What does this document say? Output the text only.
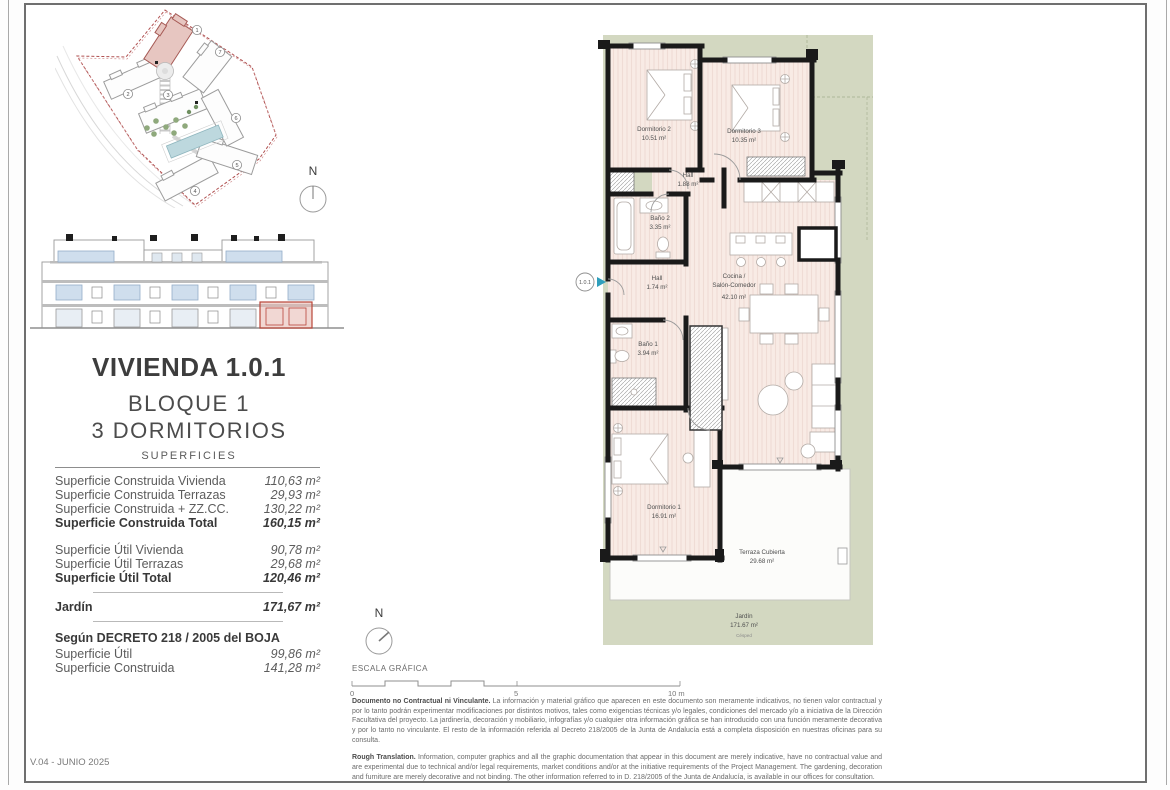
1
2	3
4
5
6
7
N
VIVIENDA 1.0.1
BLOQUE 1
3 DORMITORIOS
SUPERFICIES
Superficie Construida Vivienda	110,63 m²
Superficie Construida Terrazas	29,93 m²
Superficie Construida + ZZ.CC.	130,22 m²
Superficie Construida Total	160,15 m²
Superficie Útil Vivienda	90,78 m²
Superficie Útil Terrazas	29,68 m²
Superficie Útil Total	120,46 m²
Jardín	171,67 m²
Según DECRETO 218 / 2005 del BOJA
Superficie Útil	99,86 m²
Superficie Construida	141,28 m²
Dormitorio 2
10.51 m²
Dormitorio 3
10.35 m²
Hall
1.88 m²
Baño 2
3.35 m²
Hall
1.74 m²
Cocina /
Salón-Comedor
42.10 m²
Baño 1
3.94 m²
Dormitorio 1
16.91 m²
Terraza Cubierta
29.68 m²
Jardín
171.67 m²
Césped
1.0.1
N
ESCALA GRÁFICA
0	5	10 m

Documento no Contractual ni Vinculante. La información y material gráfico que aparecen en este documento son meramente indicativos, no tienen valor contractual y por lo tanto podrán experimentar modificaciones por distintos motivos, tales como exigencias técnicas y/o legales, condiciones del mercado y/o a iniciativa de la Dirección Facultativa del proyecto. La jardinería, decoración y mobiliario, infografías y/o cualquier otra información gráfica se han introducido con una función meramente decorativa y por lo tanto no vinculante. El resto de la información referida al Decreto 218/2005 de la Junta de Andalucía está a completa disposición en nuestras oficinas para su consulta.

Rough Translation. Information, computer graphics and all the graphic documentation that appear in this document are merely indicative, have no contractual value and are experimental due to technical and/or legal requirements, market conditions and/or at the initiative requirements of the Project Management. The gardening, decoration and furniture are merely decorative and not binding. The other information referred to in D. 218/2005 of the Junta de Andalucía, is available in our offices for consultation.

V.04 - JUNIO 2025
